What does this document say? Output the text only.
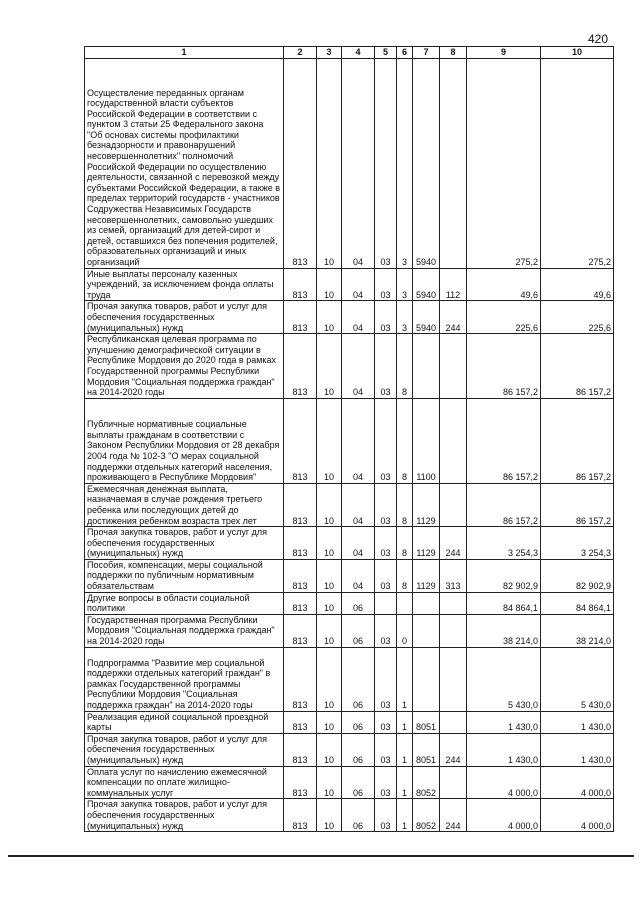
420
1	2	3	4	5	6	7	8	9	10
Осуществление переданных органам государственной власти субъектов Российской Федерации в соответствии с пунктом 3 статьи 25 Федерального закона "Об основах системы профилактики безнадзорности и правонарушений несовершеннолетних" полномочий Российской Федерации по осуществлению деятельности, связанной с перевозкой между субъектами Российской Федерации, а также в пределах территорий государств - участников Содружества Независимых Государств несовершеннолетних, самовольно ушедших из семей, организаций для детей-сирот и детей, оставшихся без попечения родителей, образовательных организаций и иных организаций	813	10	04	03	3	5940		275,2	275,2
Иные выплаты персоналу казенных учреждений, за исключением фонда оплаты труда	813	10	04	03	3	5940	112	49,6	49,6
Прочая закупка товаров, работ и услуг для обеспечения государственных (муниципальных) нужд	813	10	04	03	3	5940	244	225,6	225,6
Республиканская целевая программа по улучшению демографической ситуации в Республике Мордовия до 2020 года в рамках Государственной программы Республики Мордовия "Социальная поддержка граждан" на 2014-2020 годы	813	10	04	03	8			86 157,2	86 157,2
Публичные нормативные социальные выплаты гражданам в соответствии с Законом Республики Мордовия от 28 декабря 2004 года № 102-З "О мерах социальной поддержки отдельных категорий населения, проживающего в Республике Мордовия"	813	10	04	03	8	1100		86 157,2	86 157,2
Ежемесячная денежная выплата, назначаемая в случае рождения третьего ребенка или последующих детей до достижения ребенком возраста трех лет	813	10	04	03	8	1129		86 157,2	86 157,2
Прочая закупка товаров, работ и услуг для обеспечения государственных (муниципальных) нужд	813	10	04	03	8	1129	244	3 254,3	3 254,3
Пособия, компенсации, меры социальной поддержки по публичным нормативным обязательствам	813	10	04	03	8	1129	313	82 902,9	82 902,9
Другие вопросы в области социальной политики	813	10	06					84 864,1	84 864,1
Государственная программа Республики Мордовия "Социальная поддержка граждан" на 2014-2020 годы	813	10	06	03	0			38 214,0	38 214,0
Подпрограмма "Развитие мер социальной поддержки отдельных категорий граждан" в рамках Государственной программы Республики Мордовия "Социальная поддержка граждан" на 2014-2020 годы	813	10	06	03	1			5 430,0	5 430,0
Реализация единой социальной проездной карты	813	10	06	03	1	8051		1 430,0	1 430,0
Прочая закупка товаров, работ и услуг для обеспечения государственных (муниципальных) нужд	813	10	06	03	1	8051	244	1 430,0	1 430,0
Оплата услуг по начислению ежемесячной компенсации по оплате жилищно-коммунальных услуг	813	10	06	03	1	8052		4 000,0	4 000,0
Прочая закупка товаров, работ и услуг для обеспечения государственных (муниципальных) нужд	813	10	06	03	1	8052	244	4 000,0	4 000,0
